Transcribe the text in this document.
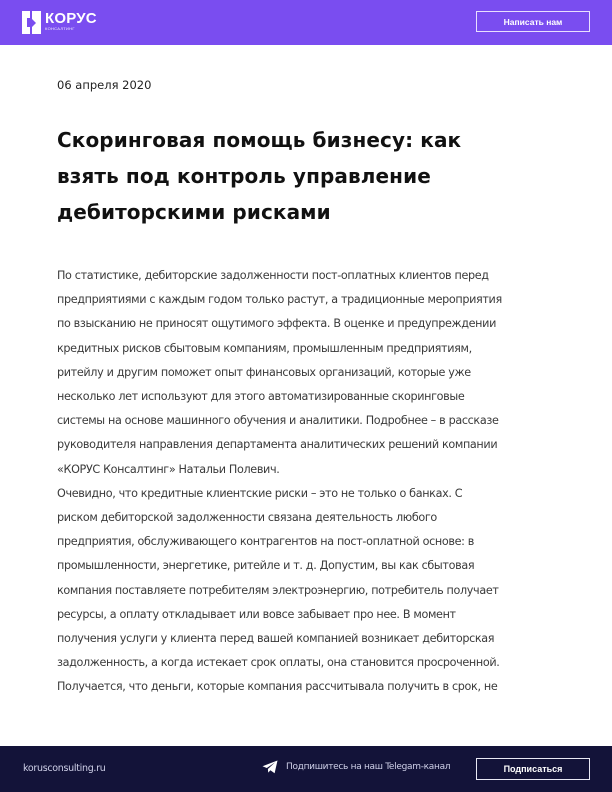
КОРУС
КОНСАЛТИНГ
Написать нам
06 апреля 2020
Скоринговая помощь бизнесу: как
взять под контроль управление
дебиторскими рисками
По статистике, дебиторские задолженности пост-оплатных клиентов перед
предприятиями с каждым годом только растут, а традиционные мероприятия
по взысканию не приносят ощутимого эффекта. В оценке и предупреждении
кредитных рисков сбытовым компаниям, промышленным предприятиям,
ритейлу и другим поможет опыт финансовых организаций, которые уже
несколько лет используют для этого автоматизированные скоринговые
системы на основе машинного обучения и аналитики. Подробнее – в рассказе
руководителя направления департамента аналитических решений компании
«КОРУС Консалтинг» Натальи Полевич.
Очевидно, что кредитные клиентские риски – это не только о банках. С
риском дебиторской задолженности связана деятельность любого
предприятия, обслуживающего контрагентов на пост-оплатной основе: в
промышленности, энергетике, ритейле и т. д. Допустим, вы как сбытовая
компания поставляете потребителям электроэнергию, потребитель получает
ресурсы, а оплату откладывает или вовсе забывает про нее. В момент
получения услуги у клиента перед вашей компанией возникает дебиторская
задолженность, а когда истекает срок оплаты, она становится просроченной.
Получается, что деньги, которые компания рассчитывала получить в срок, не
korusconsulting.ru	Подпишитесь на наш Telegam-канал	Подписаться
